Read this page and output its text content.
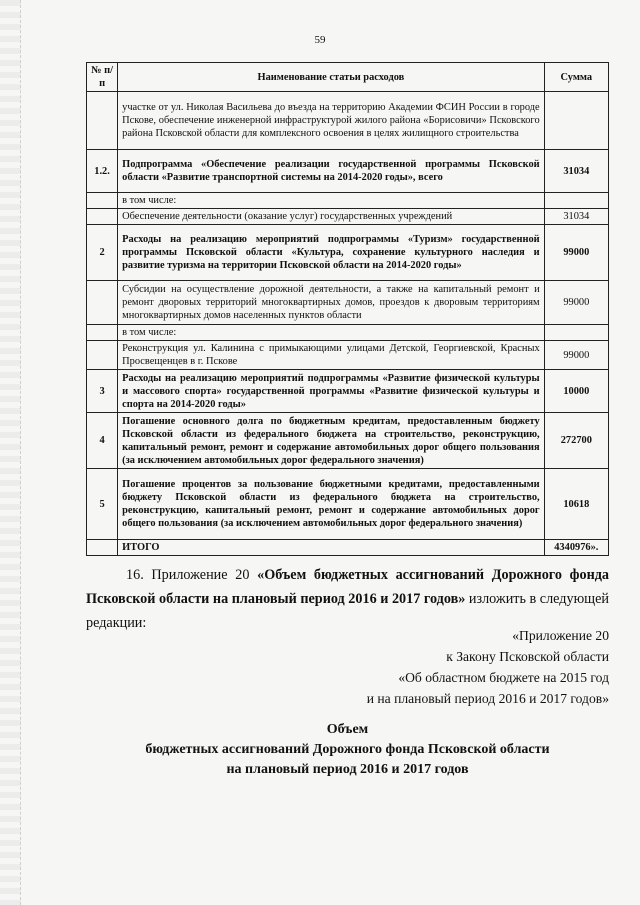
59
№ п/п	Наименование статьи расходов	Сумма
	участке от ул. Николая Васильева до въезда на территорию Академии ФСИН России в городе Пскове, обеспечение инженерной инфраструктурой жилого района «Борисовичи» Псковского района Псковской области для комплексного освоения в целях жилищного строительства	
1.2.	Подпрограмма «Обеспечение реализации государственной программы Псковской области «Развитие транспортной системы на 2014-2020 годы», всего	31034
	в том числе:	
	Обеспечение деятельности (оказание услуг) государственных учреждений	31034
2	Расходы на реализацию мероприятий подпрограммы «Туризм» государственной программы Псковской области «Культура, сохранение культурного наследия и развитие туризма на территории Псковской области на 2014-2020 годы»	99000
	Субсидии на осуществление дорожной деятельности, а также на капитальный ремонт и ремонт дворовых территорий многоквартирных домов, проездов к дворовым территориям многоквартирных домов населенных пунктов области	99000
	в том числе:	
	Реконструкция ул. Калинина с примыкающими улицами Детской, Георгиевской, Красных Просвещенцев в г. Пскове	99000
3	Расходы на реализацию мероприятий подпрограммы «Развитие физической культуры и массового спорта» государственной программы «Развитие физической культуры и спорта на 2014-2020 годы»	10000
4	Погашение основного долга по бюджетным кредитам, предоставленным бюджету Псковской области из федерального бюджета на строительство, реконструкцию, капитальный ремонт, ремонт и содержание автомобильных дорог общего пользования (за исключением автомобильных дорог федерального значения)	272700
5	Погашение процентов за пользование бюджетными кредитами, предоставленными бюджету Псковской области из федерального бюджета на строительство, реконструкцию, капитальный ремонт, ремонт и содержание автомобильных дорог общего пользования (за исключением автомобильных дорог федерального значения)	10618
	ИТОГО	4340976».

16. Приложение 20 «Объем бюджетных ассигнований Дорожного фонда Псковской области на плановый период 2016 и 2017 годов» изложить в следующей редакции:

«Приложение 20
к Закону Псковской области
«Об областном бюджете на 2015 год
и на плановый период 2016 и 2017 годов»
Объем
бюджетных ассигнований Дорожного фонда Псковской области
на плановый период 2016 и 2017 годов
